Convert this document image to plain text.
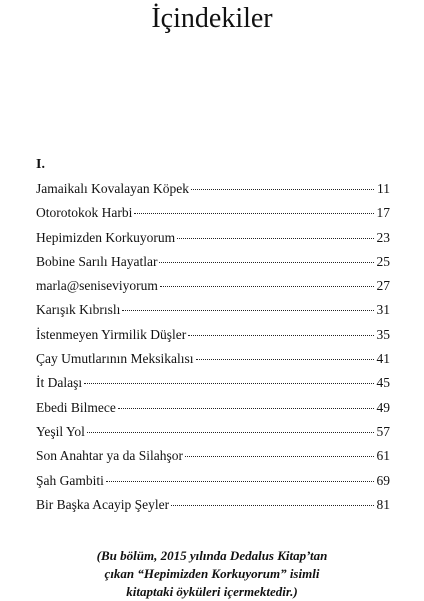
İçindekiler
I.
Jamaikalı Kovalayan Köpek	11
Otorotokok Harbi	17
Hepimizden Korkuyorum	23
Bobine Sarılı Hayatlar	25
marla@seniseviyorum	27
Karışık Kıbrıslı	31
İstenmeyen Yirmilik Düşler	35
Çay Umutlarının Meksikalısı	41
İt Dalaşı	45
Ebedi Bilmece	49
Yeşil Yol	57
Son Anahtar ya da Silahşor	61
Şah Gambiti	69
Bir Başka Acayip Şeyler	81
(Bu bölüm, 2015 yılında Dedalus Kitap’tan
çıkan “Hepimizden Korkuyorum” isimli
kitaptaki öyküleri içermektedir.)
